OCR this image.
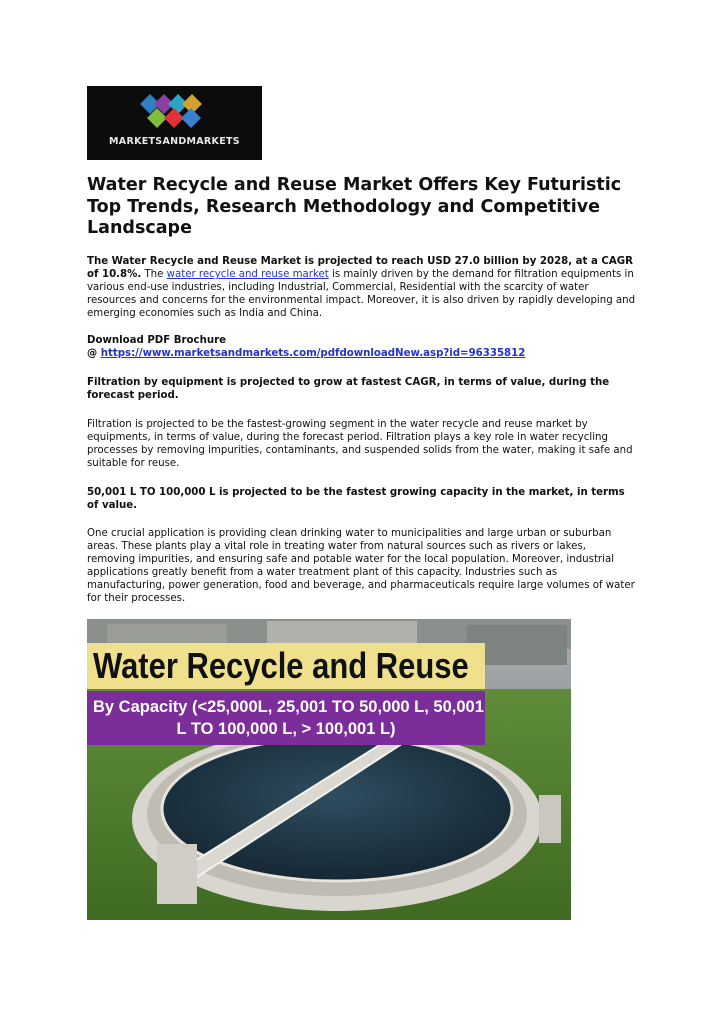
MARKETSANDMARKETS
Water Recycle and Reuse Market Offers Key Futuristic Top Trends, Research Methodology and Competitive Landscape

The Water Recycle and Reuse Market is projected to reach USD 27.0 billion by 2028, at a CAGR of 10.8%. The water recycle and reuse market is mainly driven by the demand for filtration equipments in various end-use industries, including Industrial, Commercial, Residential with the scarcity of water resources and concerns for the environmental impact. Moreover, it is also driven by rapidly developing and emerging economies such as India and China.

Download PDF Brochure
@ https://www.marketsandmarkets.com/pdfdownloadNew.asp?id=96335812

Filtration by equipment is projected to grow at fastest CAGR, in terms of value, during the forecast period.

Filtration is projected to be the fastest-growing segment in the water recycle and reuse market by equipments, in terms of value, during the forecast period. Filtration plays a key role in water recycling processes by removing impurities, contaminants, and suspended solids from the water, making it safe and suitable for reuse.

50,001 L TO 100,000 L is projected to be the fastest growing capacity in the market, in terms of value.

One crucial application is providing clean drinking water to municipalities and large urban or suburban areas. These plants play a vital role in treating water from natural sources such as rivers or lakes, removing impurities, and ensuring safe and potable water for the local population. Moreover, industrial applications greatly benefit from a water treatment plant of this capacity. Industries such as manufacturing, power generation, food and beverage, and pharmaceuticals require large volumes of water for their processes.

Water Recycle and Reuse
By Capacity (<25,000L, 25,001 TO 50,000 L, 50,001
L TO 100,000 L, > 100,001 L)
